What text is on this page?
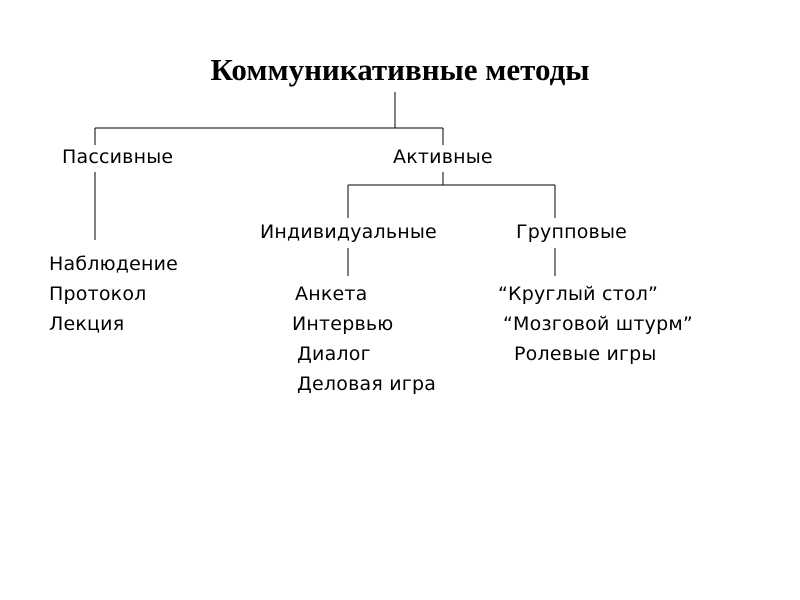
Коммуникативные методы
Пассивные	Активные
Индивидуальные	Групповые
Наблюдение
Протокол
Лекция
Анкета
Интервью
Диалог
Деловая игра
“Круглый стол”
“Мозговой штурм”
Ролевые игры
